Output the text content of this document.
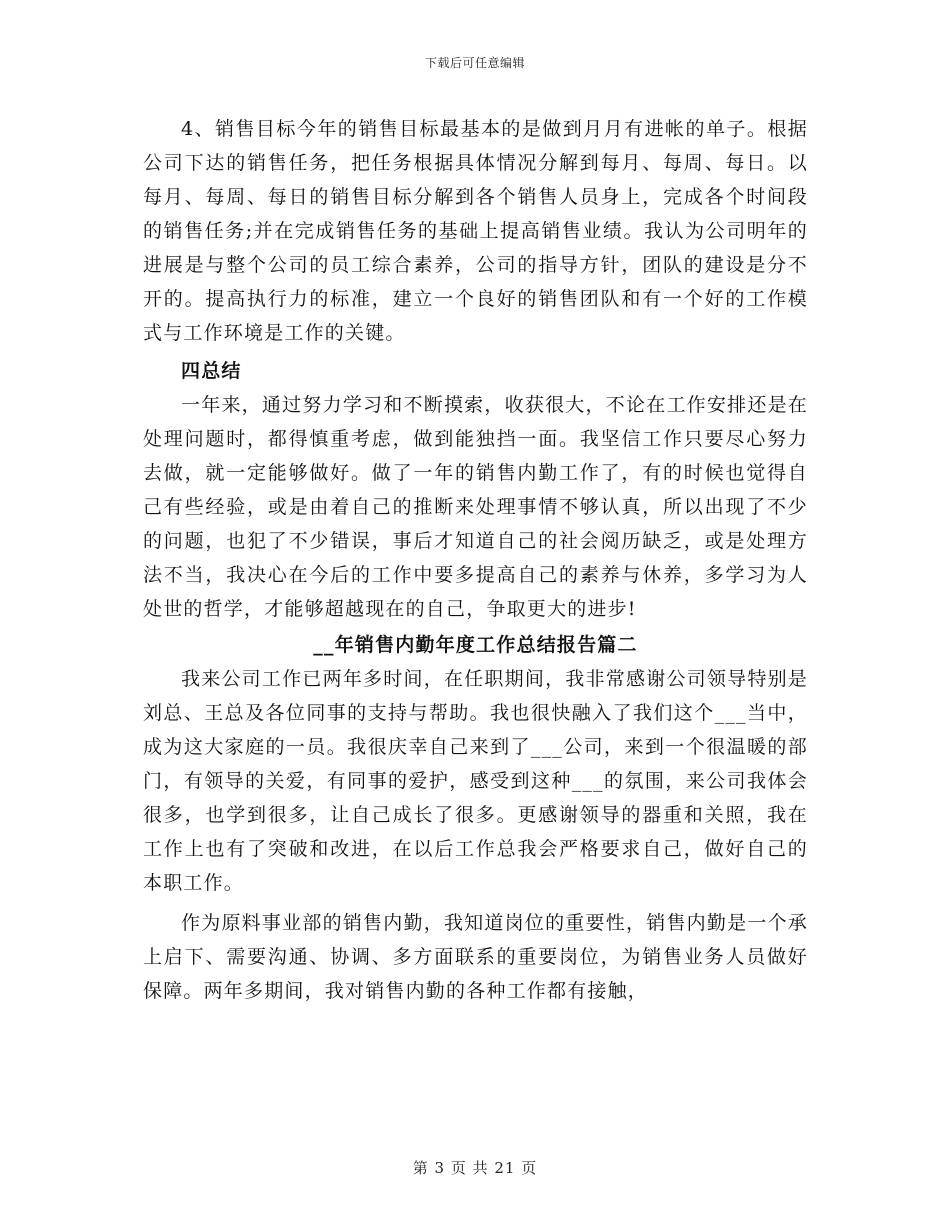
下载后可任意编辑

4、销售目标今年的销售目标最基本的是做到月月有进帐的单子。根据公司下达的销售任务，把任务根据具体情况分解到每月、每周、每日。以每月、每周、每日的销售目标分解到各个销售人员身上，完成各个时间段的销售任务;并在完成销售任务的基础上提高销售业绩。我认为公司明年的进展是与整个公司的员工综合素养，公司的指导方针，团队的建设是分不开的。提高执行力的标准，建立一个良好的销售团队和有一个好的工作模式与工作环境是工作的关键。

四总结

一年来，通过努力学习和不断摸索，收获很大，不论在工作安排还是在处理问题时，都得慎重考虑，做到能独挡一面。我坚信工作只要尽心努力去做，就一定能够做好。做了一年的销售内勤工作了，有的时候也觉得自己有些经验，或是由着自己的推断来处理事情不够认真，所以出现了不少的问题，也犯了不少错误，事后才知道自己的社会阅历缺乏，或是处理方法不当，我决心在今后的工作中要多提高自己的素养与休养，多学习为人处世的哲学，才能够超越现在的自己，争取更大的进步!

__年销售内勤年度工作总结报告篇二

我来公司工作已两年多时间，在任职期间，我非常感谢公司领导特别是刘总、王总及各位同事的支持与帮助。我也很快融入了我们这个___当中，成为这大家庭的一员。我很庆幸自己来到了___公司，来到一个很温暖的部门，有领导的关爱，有同事的爱护，感受到这种___的氛围，来公司我体会很多，也学到很多，让自己成长了很多。更感谢领导的器重和关照，我在工作上也有了突破和改进，在以后工作总我会严格要求自己，做好自己的本职工作。

作为原料事业部的销售内勤，我知道岗位的重要性，销售内勤是一个承上启下、需要沟通、协调、多方面联系的重要岗位，为销售业务人员做好保障。两年多期间，我对销售内勤的各种工作都有接触，

第 3 页 共 21 页
